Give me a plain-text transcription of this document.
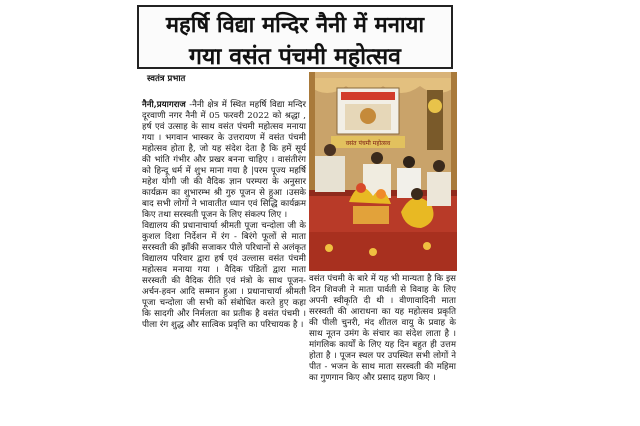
महर्षि विद्या मन्दिर नैनी में मनाया
गया वसंत पंचमी महोत्सव
स्वतंत्र प्रभात

नैनी,प्रयागराज -नैनी क्षेत्र में स्थित महर्षि विद्या मन्दिर दूरवाणी नगर नैनी में 05 फरवरी 2022 को श्रद्धा , हर्ष एवं उत्साह के साथ वसंत पंचमी महोत्सव मनाया गया । भगवान भास्कर के उत्तरायण में वसंत पंचमी महोत्सव होता है, जो यह संदेश देता है कि हमें सूर्य की भांति गंभीर और प्रखर बनना चाहिए । वासंतीरंग को हिन्दू धर्म में शुभ माना गया है |परम पूज्य महर्षि महेश योगी जी की वैदिक ज्ञान परम्परा के अनुसार कार्यक्रम का शुभारम्भ श्री गुरु पूजन से हुआ ।उसके बाद सभी लोगों ने भावातीत ध्यान एवं सिद्धि कार्यक्रम किए तथा सरस्वती पूजन के लिए संकल्प लिए ।

विद्यालय की प्रधानाचार्या श्रीमती पूजा चन्दोला जी के कुशल दिशा निर्देशन में रंग - बिरंगे फूलों से माता सरस्वती की झाँकी सजाकर पीले परिधानों से अलंकृत विद्यालय परिवार द्वारा हर्ष एवं उल्लास वसंत पंचमी महोत्सव मनाया गया । वैदिक पंडितों द्वारा माता सरस्वती की वैदिक रीति एवं मंत्रो के साथ पूजन-अर्चन-हवन आदि सम्मान हुआ । प्रधानाचार्या श्रीमती पूजा चन्दोला जी सभी को संबोधित करते हुए कहा कि सादगी और निर्मलता का प्रतीक है वसंत पंचमी । पीला रंग शुद्ध और सात्विक प्रवृत्ति का परिचायक है ।

वसंत पंचमी महोत्सव

वसंत पंचमी के बारे में यह भी मान्यता है कि इस दिन शिवजी ने माता पार्वती से विवाह के लिए अपनी स्वीकृति दी थी । वीणावादिनी माता सरस्वती की आराधना का यह महोत्सव प्रकृति की पीली चुनरी, मंद शीतल वायु के प्रवाह के साथ नूतन उमंग के संचार का संदेश लाता है । मांगलिक कार्यों के लिए यह दिन बहुत ही उत्तम होता है । पूजन स्थल पर उपस्थित सभी लोगों ने पीत - भजन के साथ माता सरस्वती की महिमा का गुणगान किए और प्रसाद ग्रहण किए ।
